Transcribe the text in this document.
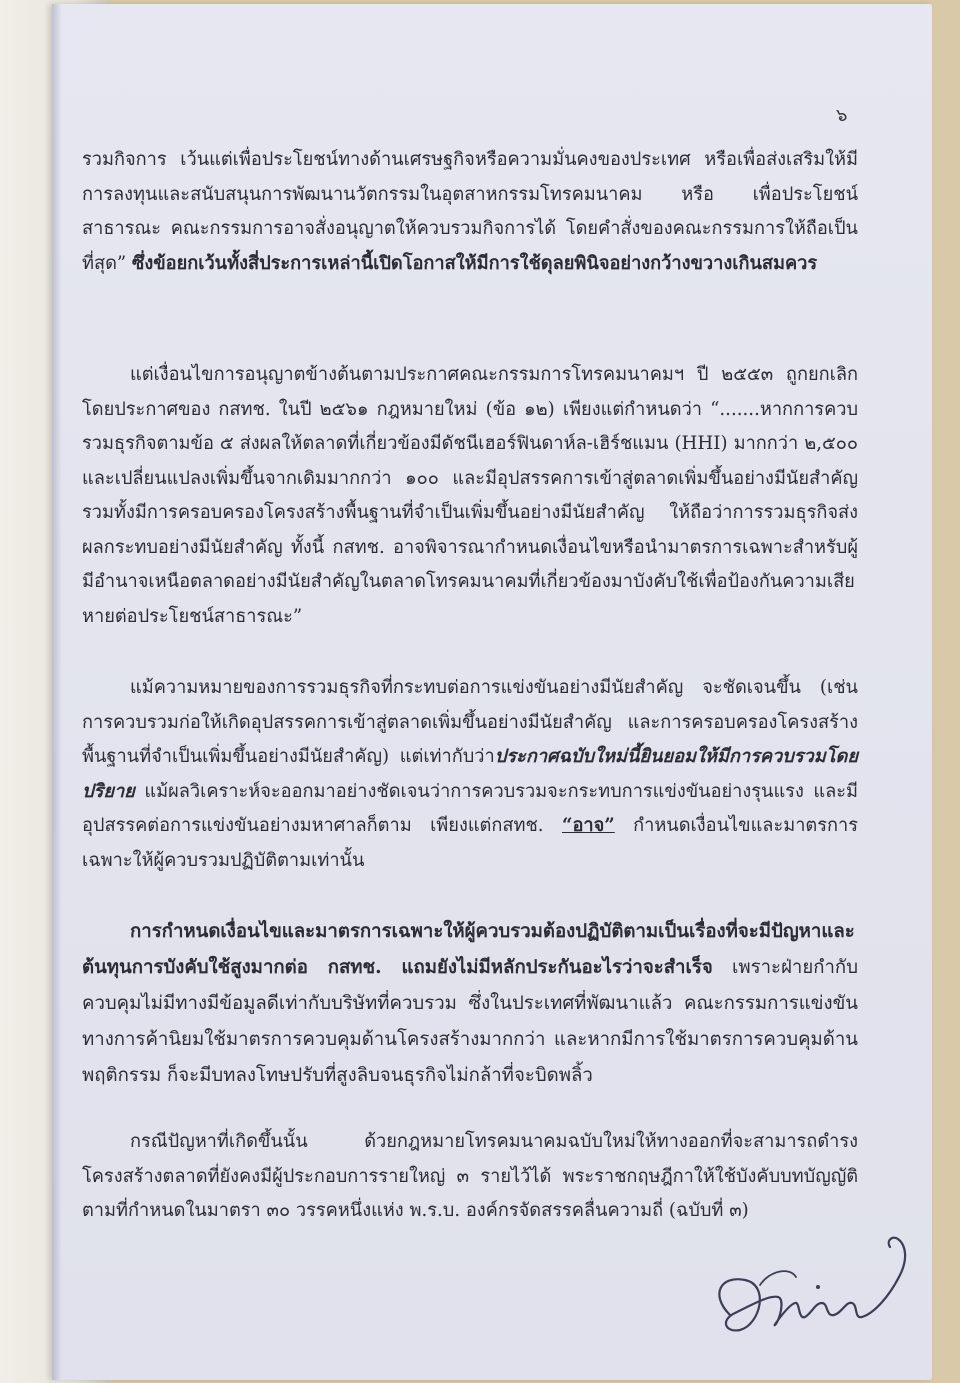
๖

รวมกิจการ เว้นแต่เพื่อประโยชน์ทางด้านเศรษฐกิจหรือความมั่นคงของประเทศ หรือเพื่อส่งเสริมให้มีการลงทุนและสนับสนุนการพัฒนานวัตกรรมในอุตสาหกรรมโทรคมนาคม หรือ เพื่อประโยชน์สาธารณะ คณะกรรมการอาจสั่งอนุญาตให้ควบรวมกิจการได้ โดยคำสั่งของคณะกรรมการให้ถือเป็นที่สุด” ซึ่งข้อยกเว้นทั้งสี่ประการเหล่านี้เปิดโอกาสให้มีการใช้ดุลยพินิจอย่างกว้างขวางเกินสมควร

แต่เงื่อนไขการอนุญาตข้างต้นตามประกาศคณะกรรมการโทรคมนาคมฯ ปี ๒๕๕๓ ถูกยกเลิกโดยประกาศของ กสทช. ในปี ๒๕๖๑ กฎหมายใหม่ (ข้อ ๑๒) เพียงแต่กำหนดว่า “.......หากการควบรวมธุรกิจตามข้อ ๕ ส่งผลให้ตลาดที่เกี่ยวข้องมีดัชนีเฮอร์ฟินดาห์ล-เฮิร์ชแมน (HHI) มากกว่า ๒,๕๐๐ และเปลี่ยนแปลงเพิ่มขึ้นจากเดิมมากกว่า ๑๐๐ และมีอุปสรรคการเข้าสู่ตลาดเพิ่มขึ้นอย่างมีนัยสำคัญ รวมทั้งมีการครอบครองโครงสร้างพื้นฐานที่จำเป็นเพิ่มขึ้นอย่างมีนัยสำคัญ ให้ถือว่าการรวมธุรกิจส่งผลกระทบอย่างมีนัยสำคัญ ทั้งนี้ กสทช. อาจพิจารณากำหนดเงื่อนไขหรือนำมาตรการเฉพาะสำหรับผู้มีอำนาจเหนือตลาดอย่างมีนัยสำคัญในตลาดโทรคมนาคมที่เกี่ยวข้องมาบังคับใช้เพื่อป้องกันความเสียหายต่อประโยชน์สาธารณะ”

แม้ความหมายของการรวมธุรกิจที่กระทบต่อการแข่งขันอย่างมีนัยสำคัญ จะชัดเจนขึ้น (เช่นการควบรวมก่อให้เกิดอุปสรรคการเข้าสู่ตลาดเพิ่มขึ้นอย่างมีนัยสำคัญ และการครอบครองโครงสร้างพื้นฐานที่จำเป็นเพิ่มขึ้นอย่างมีนัยสำคัญ) แต่เท่ากับว่าประกาศฉบับใหม่นี้ยินยอมให้มีการควบรวมโดยปริยาย แม้ผลวิเคราะห์จะออกมาอย่างชัดเจนว่าการควบรวมจะกระทบการแข่งขันอย่างรุนแรง และมีอุปสรรคต่อการแข่งขันอย่างมหาศาลก็ตาม เพียงแต่กสทช. “อาจ” กำหนดเงื่อนไขและมาตรการเฉพาะให้ผู้ควบรวมปฏิบัติตามเท่านั้น

การกำหนดเงื่อนไขและมาตรการเฉพาะให้ผู้ควบรวมต้องปฏิบัติตามเป็นเรื่องที่จะมีปัญหาและต้นทุนการบังคับใช้สูงมากต่อ กสทช. แถมยังไม่มีหลักประกันอะไรว่าจะสำเร็จ เพราะฝ่ายกำกับควบคุมไม่มีทางมีข้อมูลดีเท่ากับบริษัทที่ควบรวม ซึ่งในประเทศที่พัฒนาแล้ว คณะกรรมการแข่งขันทางการค้านิยมใช้มาตรการควบคุมด้านโครงสร้างมากกว่า และหากมีการใช้มาตรการควบคุมด้านพฤติกรรม ก็จะมีบทลงโทษปรับที่สูงลิบจนธุรกิจไม่กล้าที่จะบิดพลิ้ว

กรณีปัญหาที่เกิดขึ้นนั้น ด้วยกฎหมายโทรคมนาคมฉบับใหม่ให้ทางออกที่จะสามารถดำรงโครงสร้างตลาดที่ยังคงมีผู้ประกอบการรายใหญ่ ๓ รายไว้ได้ พระราชกฤษฎีกาให้ใช้บังคับบทบัญญัติตามที่กำหนดในมาตรา ๓๐ วรรคหนึ่งแห่ง พ.ร.บ. องค์กรจัดสรรคลื่นความถี่ (ฉบับที่ ๓)
